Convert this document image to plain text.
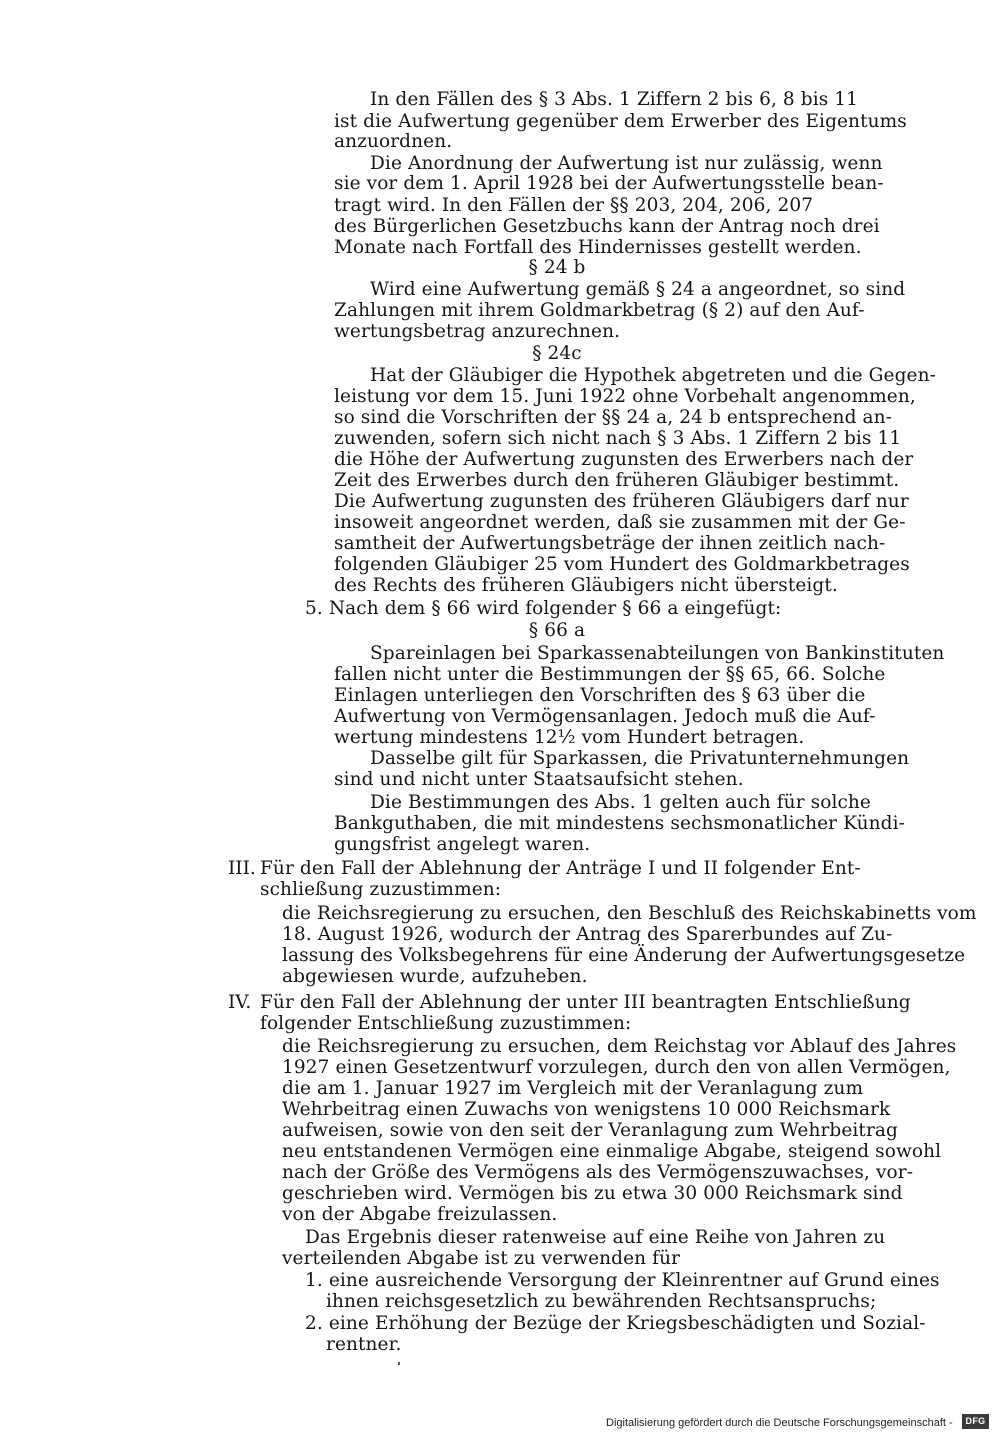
In den Fällen des § 3 Abs. 1 Ziffern 2 bis 6, 8 bis 11
ist die Aufwertung gegenüber dem Erwerber des Eigentums
anzuordnen.
Die Anordnung der Aufwertung ist nur zulässig, wenn
sie vor dem 1. April 1928 bei der Aufwertungsstelle bean-
tragt wird. In den Fällen der §§ 203, 204, 206, 207
des Bürgerlichen Gesetzbuchs kann der Antrag noch drei
Monate nach Fortfall des Hindernisses gestellt werden.
§ 24 b
Wird eine Aufwertung gemäß § 24 a angeordnet, so sind
Zahlungen mit ihrem Goldmarkbetrag (§ 2) auf den Auf-
wertungsbetrag anzurechnen.
§ 24c
Hat der Gläubiger die Hypothek abgetreten und die Gegen-
leistung vor dem 15. Juni 1922 ohne Vorbehalt angenommen,
so sind die Vorschriften der §§ 24 a, 24 b entsprechend an-
zuwenden, sofern sich nicht nach § 3 Abs. 1 Ziffern 2 bis 11
die Höhe der Aufwertung zugunsten des Erwerbers nach der
Zeit des Erwerbes durch den früheren Gläubiger bestimmt.
Die Aufwertung zugunsten des früheren Gläubigers darf nur
insoweit angeordnet werden, daß sie zusammen mit der Ge-
samtheit der Aufwertungsbeträge der ihnen zeitlich nach-
folgenden Gläubiger 25 vom Hundert des Goldmarkbetrages
des Rechts des früheren Gläubigers nicht übersteigt.
5. Nach dem § 66 wird folgender § 66 a eingefügt:
§ 66 a
Spareinlagen bei Sparkassenabteilungen von Bankinstituten
fallen nicht unter die Bestimmungen der §§ 65, 66. Solche
Einlagen unterliegen den Vorschriften des § 63 über die
Aufwertung von Vermögensanlagen. Jedoch muß die Auf-
wertung mindestens 12½ vom Hundert betragen.
Dasselbe gilt für Sparkassen, die Privatunternehmungen
sind und nicht unter Staatsaufsicht stehen.
Die Bestimmungen des Abs. 1 gelten auch für solche
Bankguthaben, die mit mindestens sechsmonatlicher Kündi-
gungsfrist angelegt waren.
III. Für den Fall der Ablehnung der Anträge I und II folgender Ent-
schließung zuzustimmen:
die Reichsregierung zu ersuchen, den Beschluß des Reichskabinetts vom
18. August 1926, wodurch der Antrag des Sparerbundes auf Zu-
lassung des Volksbegehrens für eine Änderung der Aufwertungsgesetze
abgewiesen wurde, aufzuheben.
IV. Für den Fall der Ablehnung der unter III beantragten Entschließung
folgender Entschließung zuzustimmen:
die Reichsregierung zu ersuchen, dem Reichstag vor Ablauf des Jahres
1927 einen Gesetzentwurf vorzulegen, durch den von allen Vermögen,
die am 1. Januar 1927 im Vergleich mit der Veranlagung zum
Wehrbeitrag einen Zuwachs von wenigstens 10 000 Reichsmark
aufweisen, sowie von den seit der Veranlagung zum Wehrbeitrag
neu entstandenen Vermögen eine einmalige Abgabe, steigend sowohl
nach der Größe des Vermögens als des Vermögenszuwachses, vor-
geschrieben wird. Vermögen bis zu etwa 30 000 Reichsmark sind
von der Abgabe freizulassen.
Das Ergebnis dieser ratenweise auf eine Reihe von Jahren zu
verteilenden Abgabe ist zu verwenden für
1. eine ausreichende Versorgung der Kleinrentner auf Grund eines
ihnen reichsgesetzlich zu bewährenden Rechtsanspruchs;
2. eine Erhöhung der Bezüge der Kriegsbeschädigten und Sozial-
rentner.
Digitalisierung gefördert durch die Deutsche Forschungsgemeinschaft -	DFG
